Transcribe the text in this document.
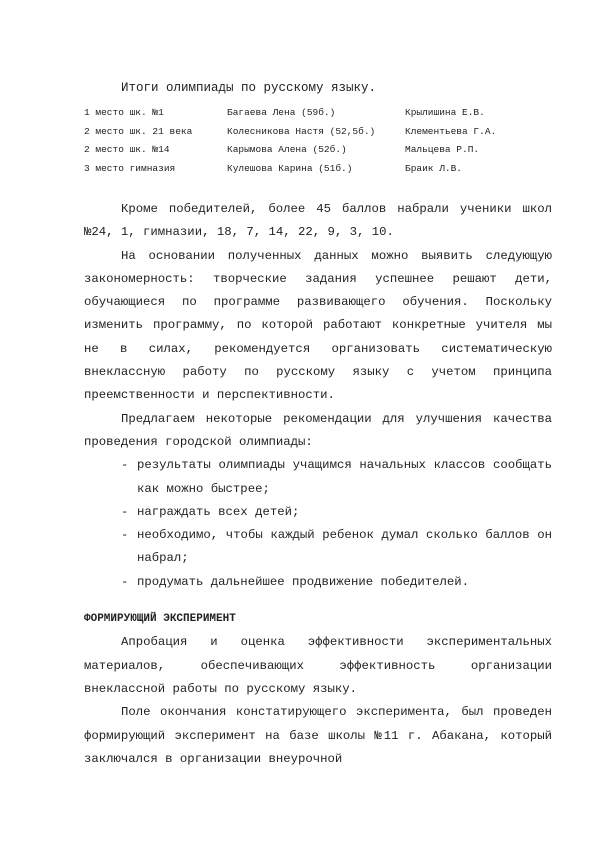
Итоги олимпиады по русскому языку.
1 место шк. №1	Багаева Лена (59б.)	Крылишина Е.В.
2 место шк. 21 века	Колесникова Настя (52,5б.)	Клементьева Г.А.
2 место шк. №14	Карымова Алена (52б.)	Мальцева Р.П.
3 место гимназия	Кулешова Карина (51б.)	Браик Л.В.

Кроме победителей, более 45 баллов набрали ученики школ №24, 1, гимназии, 18, 7, 14, 22, 9, 3, 10.

На основании полученных данных можно выявить следующую закономерность: творческие задания успешнее решают дети, обучающиеся по программе развивающего обучения. Поскольку изменить программу, по которой работают конкретные учителя мы не в силах, рекомендуется организовать систематическую внеклассную работу по русскому языку с учетом принципа преемственности и перспективности.

Предлагаем некоторые рекомендации для улучшения качества проведения городской олимпиады:

- результаты олимпиады учащимся начальных классов сообщать как можно быстрее;
- награждать всех детей;
- необходимо, чтобы каждый ребенок думал сколько баллов он набрал;
- продумать дальнейшее продвижение победителей.

ФОРМИРУЮЩИЙ ЭКСПЕРИМЕНТ

Апробация и оценка эффективности экспериментальных материалов, обеспечивающих эффективность организации внеклассной работы по русскому языку.

Поле окончания констатирующего эксперимента, был проведен формирующий эксперимент на базе школы №11 г. Абакана, который заключался в организации внеурочной
